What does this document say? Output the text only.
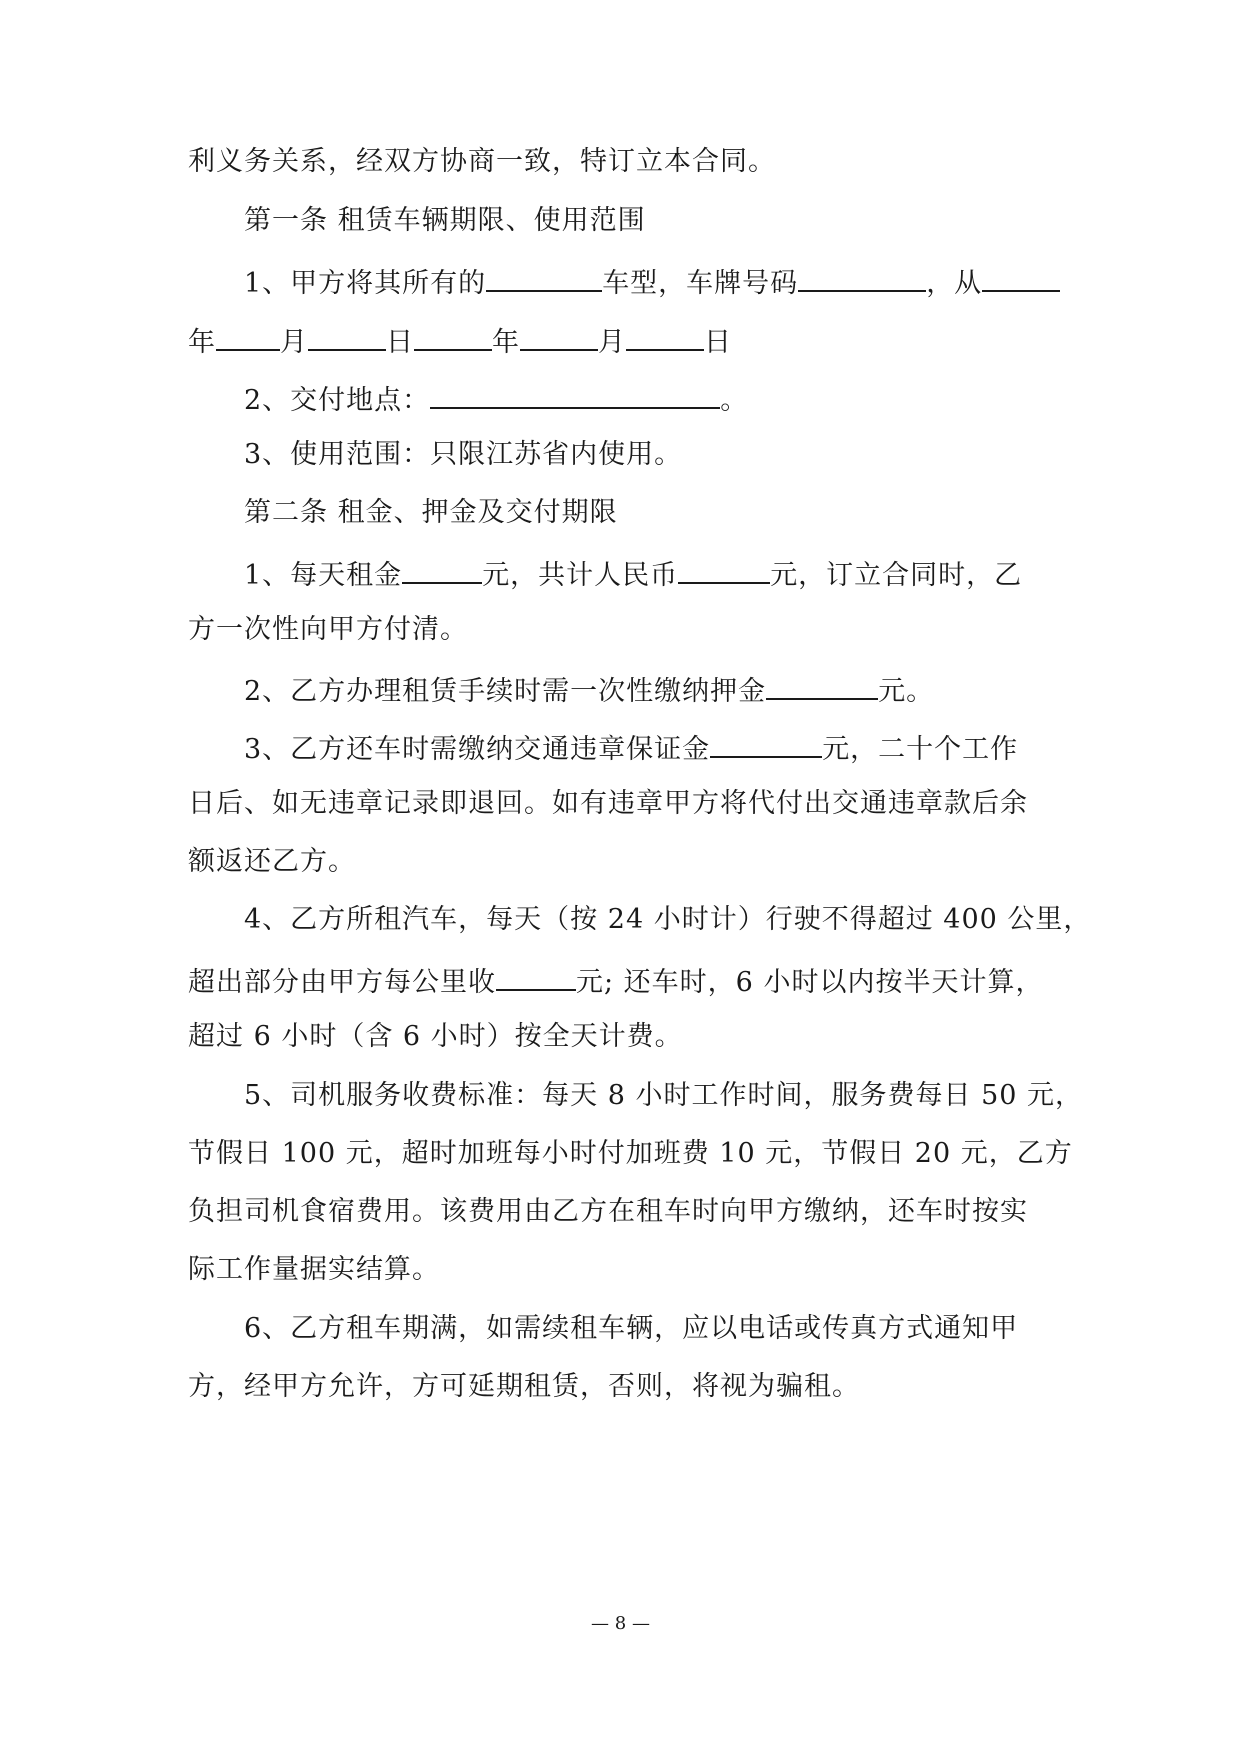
利义务关系，经双方协商一致，特订立本合同。
第一条 租赁车辆期限、使用范围
1、甲方将其所有的	车型，车牌号码	，从
年 月	日	年	月	日
2、交付地点：	。
3、使用范围：只限江苏省内使用。
第二条 租金、押金及交付期限
1、每天租金	元，共计人民币	元，订立合同时，乙
方一次性向甲方付清。
2、乙方办理租赁手续时需一次性缴纳押金	元。
3、乙方还车时需缴纳交通违章保证金	元，二十个工作
日后、如无违章记录即退回。如有违章甲方将代付出交通违章款后余
额返还乙方。
4、乙方所租汽车，每天（按 24 小时计）行驶不得超过 400 公里，
超出部分由甲方每公里收	元; 还车时，6 小时以内按半天计算，
超过 6 小时（含 6 小时）按全天计费。
5、司机服务收费标准：每天 8 小时工作时间，服务费每日 50 元，
节假日 100 元，超时加班每小时付加班费 10 元，节假日 20 元，乙方
负担司机食宿费用。该费用由乙方在租车时向甲方缴纳，还车时按实
际工作量据实结算。
6、乙方租车期满，如需续租车辆，应以电话或传真方式通知甲
方，经甲方允许，方可延期租赁，否则，将视为骗租。
— 8 —
